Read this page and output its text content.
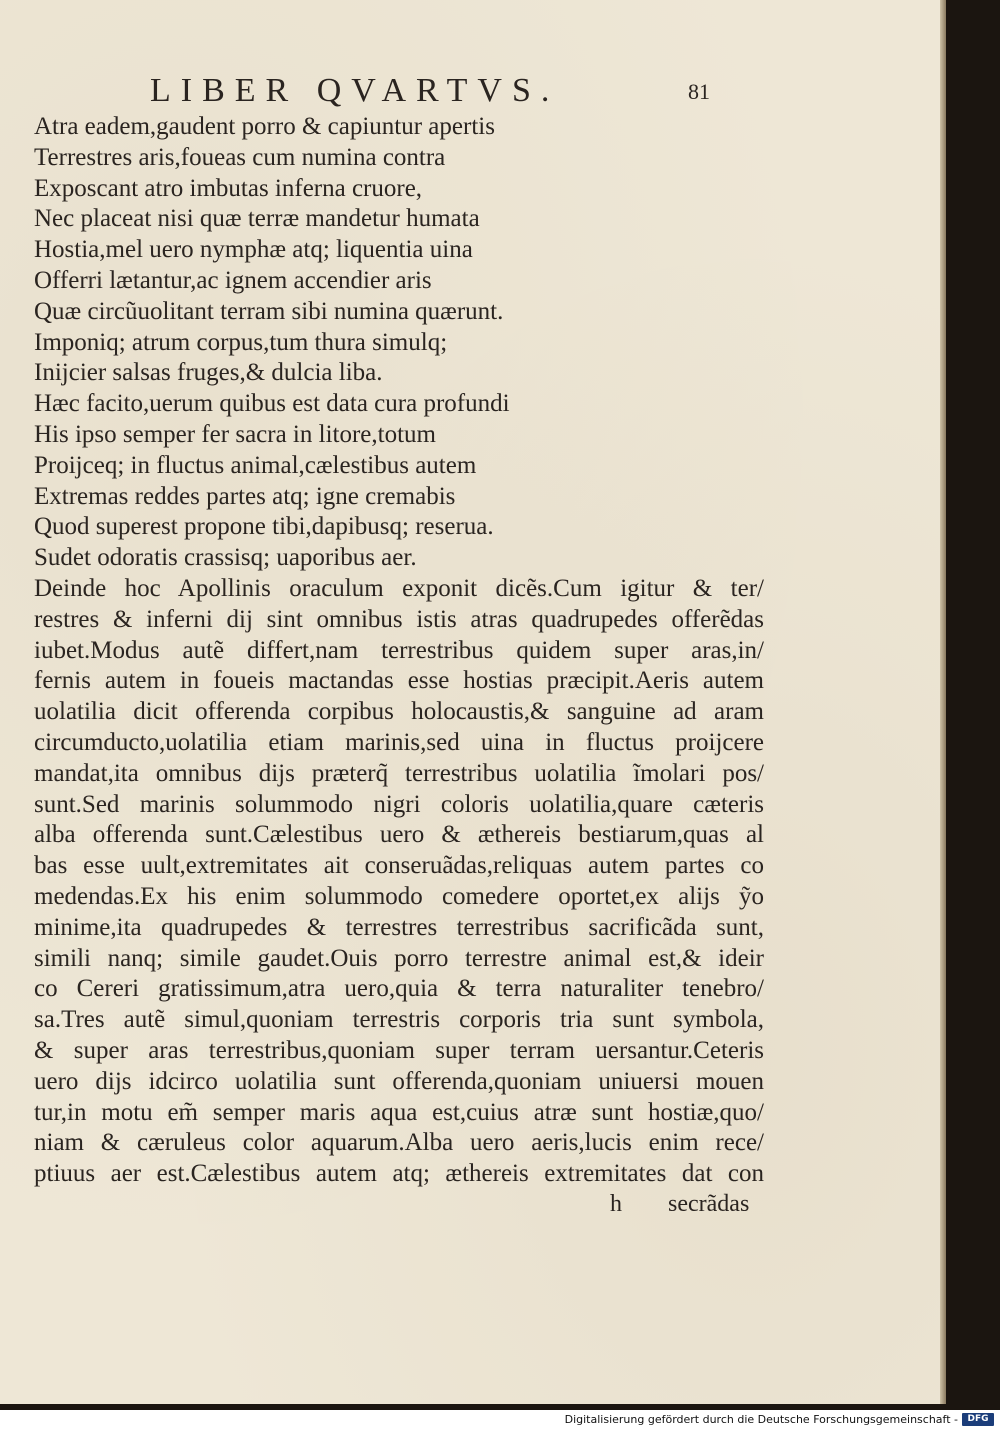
LIBER QVARTVS.	81
Atra eadem,gaudent porro & capiuntur apertis
Terrestres aris,foueas cum numina contra
Exposcant atro imbutas inferna cruore,
Nec placeat nisi quæ terræ mandetur humata
Hostia,mel uero nymphæ atq; liquentia uina
Offerri lætantur,ac ignem accendier aris
Quæ circũuolitant terram sibi numina quærunt.
Imponiq; atrum corpus,tum thura simulq;
Inijcier salsas fruges,& dulcia liba.
Hæc facito,uerum quibus est data cura profundi
His ipso semper fer sacra in litore,totum
Proijceq; in fluctus animal,cælestibus autem
Extremas reddes partes atq; igne cremabis
Quod superest propone tibi,dapibusq; reserua.
Sudet odoratis crassisq; uaporibus aer.
Deinde hoc Apollinis oraculum exponit dicẽs.Cum igitur & ter/
restres & inferni dij sint omnibus istis atras quadrupedes offerẽdas
iubet.Modus autẽ differt,nam terrestribus quidem super aras,in/
fernis autem in foueis mactandas esse hostias præcipit.Aeris autem
uolatilia dicit offerenda corpibus holocaustis,& sanguine ad aram
circumducto,uolatilia etiam marinis,sed uina in fluctus proijcere
mandat,ita omnibus dijs præterq̃ terrestribus uolatilia ĩmolari pos/
sunt.Sed marinis solummodo nigri coloris uolatilia,quare cæteris
alba offerenda sunt.Cælestibus uero & æthereis bestiarum,quas al
bas esse uult,extremitates ait conseruãdas,reliquas autem partes co
medendas.Ex his enim solummodo comedere oportet,ex alijs ỹo
minime,ita quadrupedes & terrestres terrestribus sacrificãda sunt,
simili nanq; simile gaudet.Ouis porro terrestre animal est,& ideir
co Cereri gratissimum,atra uero,quia & terra naturaliter tenebro/
sa.Tres autẽ simul,quoniam terrestris corporis tria sunt symbola,
& super aras terrestribus,quoniam super terram uersantur.Ceteris
uero dijs idcirco uolatilia sunt offerenda,quoniam uniuersi mouen
tur,in motu em̃ semper maris aqua est,cuius atræ sunt hostiæ,quo/
niam & cæruleus color aquarum.Alba uero aeris,lucis enim rece/
ptiuus aer est.Cælestibus autem atq; æthereis extremitates dat con
h secrãdas
Digitalisierung gefördert durch die Deutsche Forschungsgemeinschaft -	DFG
